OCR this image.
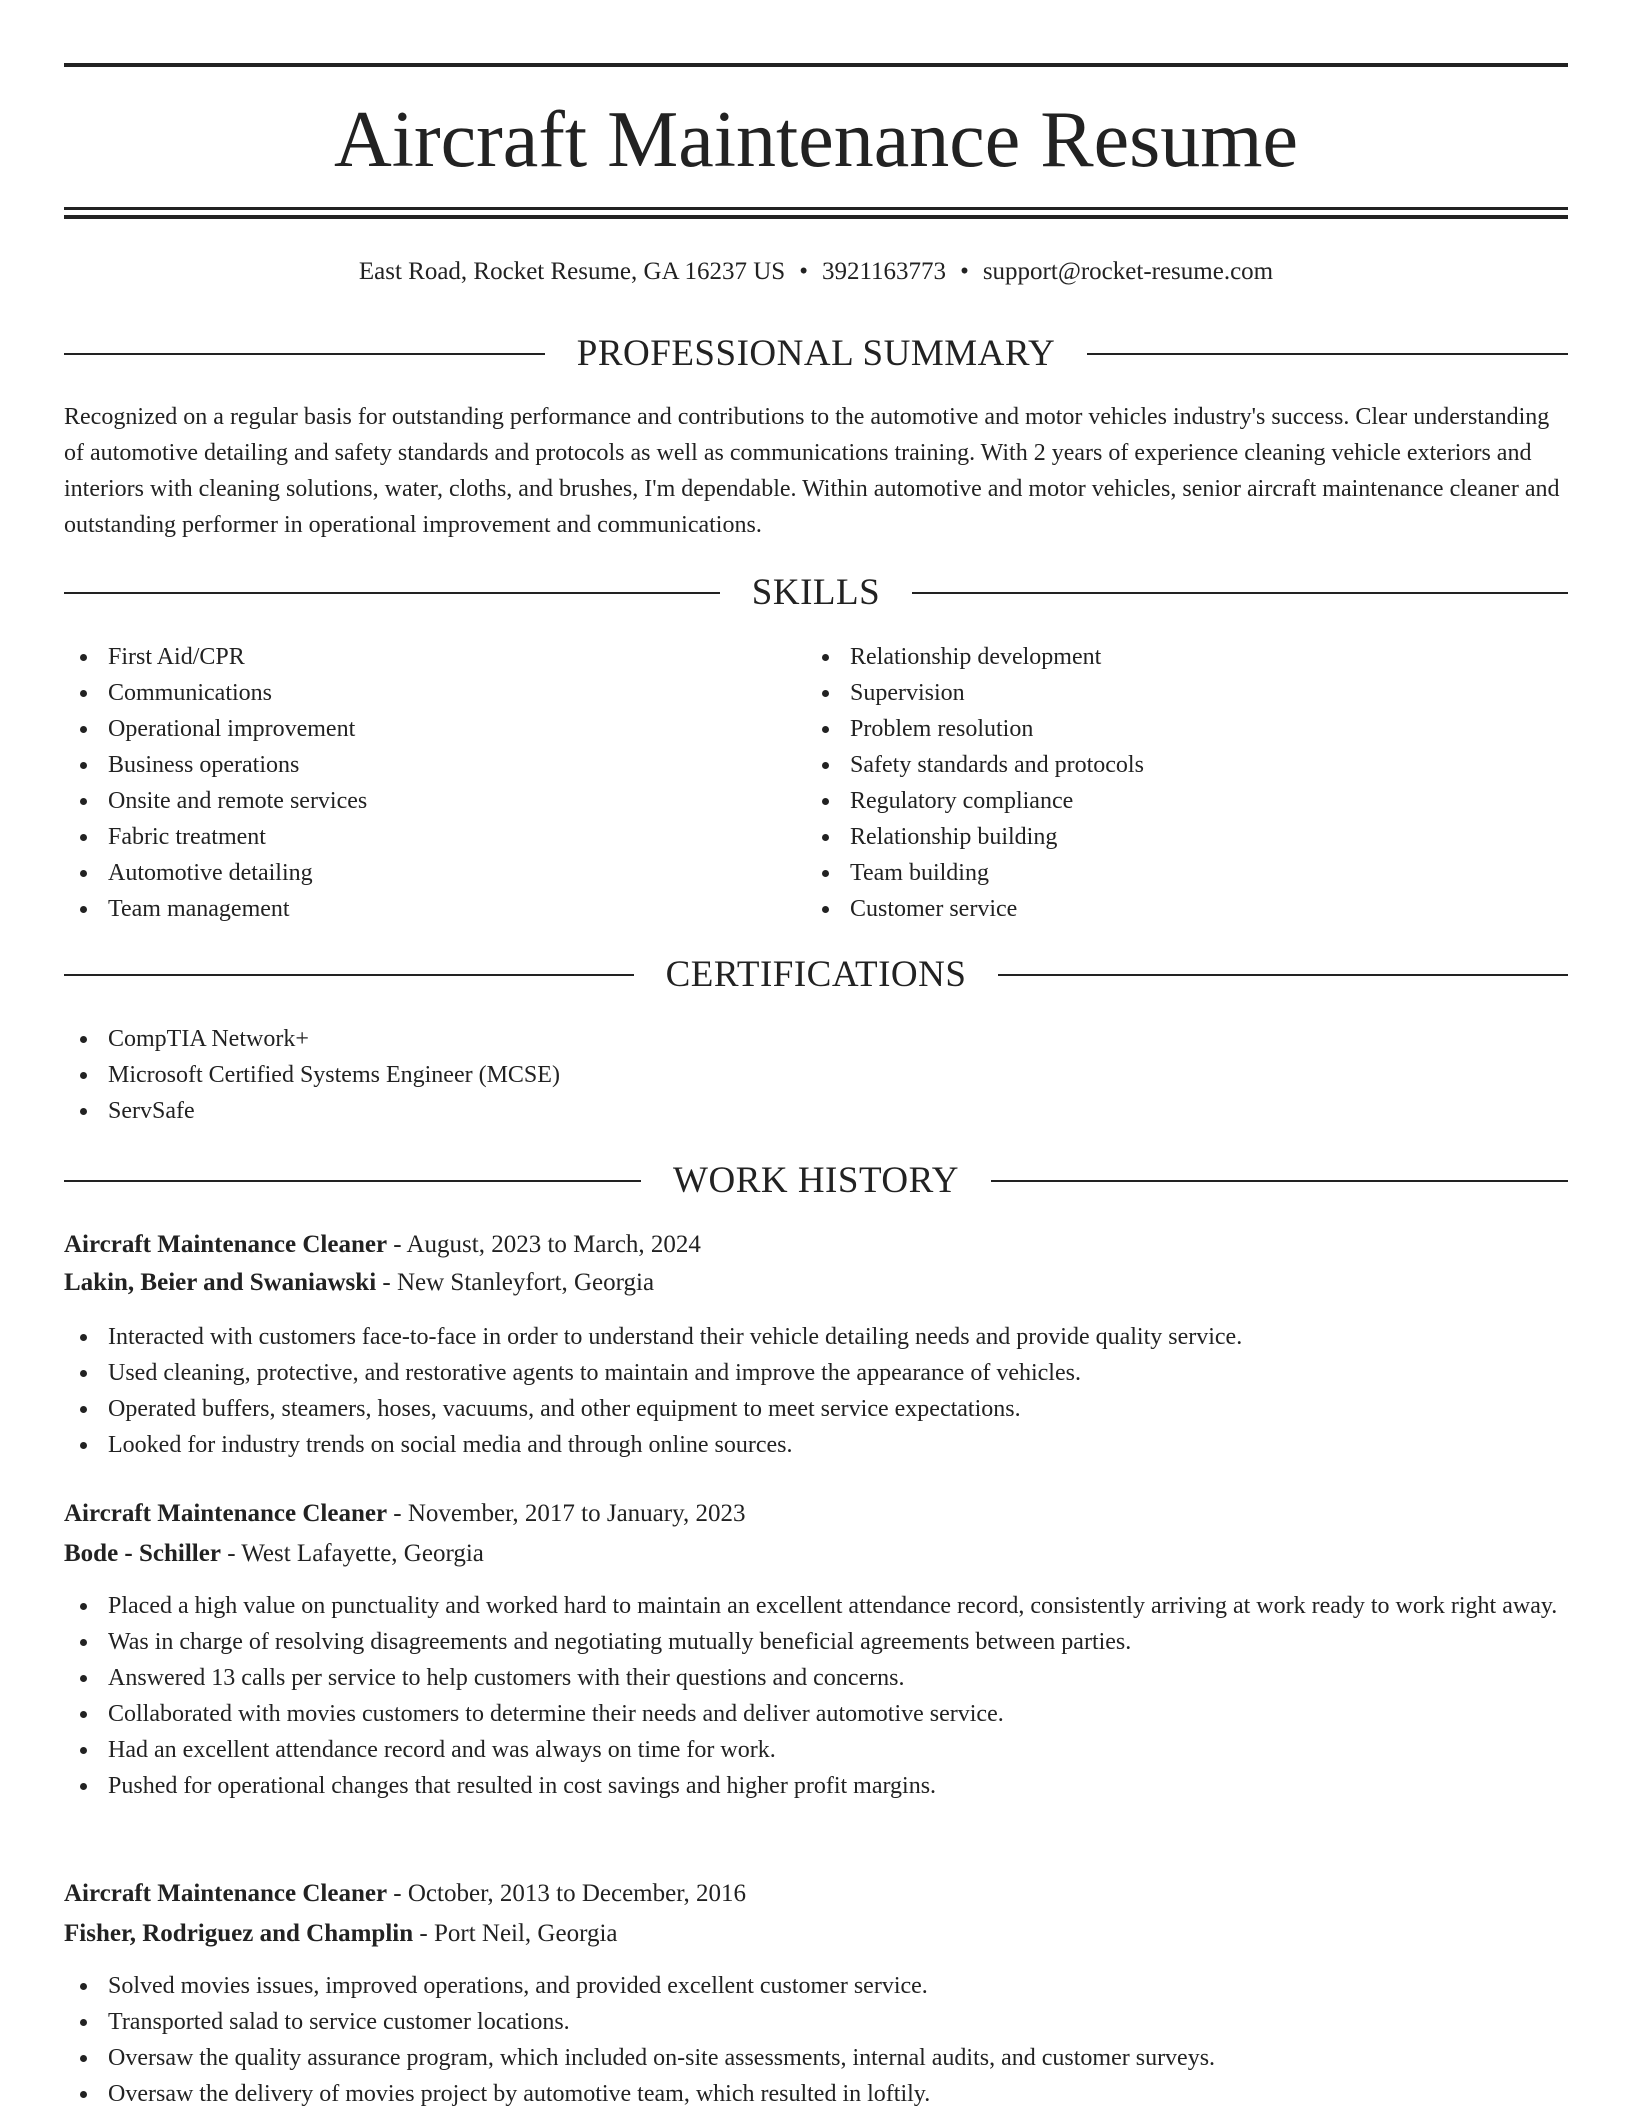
Aircraft Maintenance Resume
East Road, Rocket Resume, GA 16237 US • 3921163773 • support@rocket-resume.com
PROFESSIONAL SUMMARY

Recognized on a regular basis for outstanding performance and contributions to the automotive and motor vehicles industry's success. Clear understanding of automotive detailing and safety standards and protocols as well as communications training. With 2 years of experience cleaning vehicle exteriors and interiors with cleaning solutions, water, cloths, and brushes, I'm dependable. Within automotive and motor vehicles, senior aircraft maintenance cleaner and outstanding performer in operational improvement and communications.

SKILLS
First Aid/CPR
Communications
Operational improvement
Business operations
Onsite and remote services
Fabric treatment
Automotive detailing
Team management
Relationship development
Supervision
Problem resolution
Safety standards and protocols
Regulatory compliance
Relationship building
Team building
Customer service
CERTIFICATIONS
CompTIA Network+
Microsoft Certified Systems Engineer (MCSE)
ServSafe
WORK HISTORY
Aircraft Maintenance Cleaner - August, 2023 to March, 2024
Lakin, Beier and Swaniawski - New Stanleyfort, Georgia
Interacted with customers face-to-face in order to understand their vehicle detailing needs and provide quality service.
Used cleaning, protective, and restorative agents to maintain and improve the appearance of vehicles.
Operated buffers, steamers, hoses, vacuums, and other equipment to meet service expectations.
Looked for industry trends on social media and through online sources.
Aircraft Maintenance Cleaner - November, 2017 to January, 2023
Bode - Schiller - West Lafayette, Georgia
Placed a high value on punctuality and worked hard to maintain an excellent attendance record, consistently arriving at work ready to work right away.
Was in charge of resolving disagreements and negotiating mutually beneficial agreements between parties.
Answered 13 calls per service to help customers with their questions and concerns.
Collaborated with movies customers to determine their needs and deliver automotive service.
Had an excellent attendance record and was always on time for work.
Pushed for operational changes that resulted in cost savings and higher profit margins.
Aircraft Maintenance Cleaner - October, 2013 to December, 2016
Fisher, Rodriguez and Champlin - Port Neil, Georgia
Solved movies issues, improved operations, and provided excellent customer service.
Transported salad to service customer locations.
Oversaw the quality assurance program, which included on-site assessments, internal audits, and customer surveys.
Oversaw the delivery of movies project by automotive team, which resulted in loftily.
